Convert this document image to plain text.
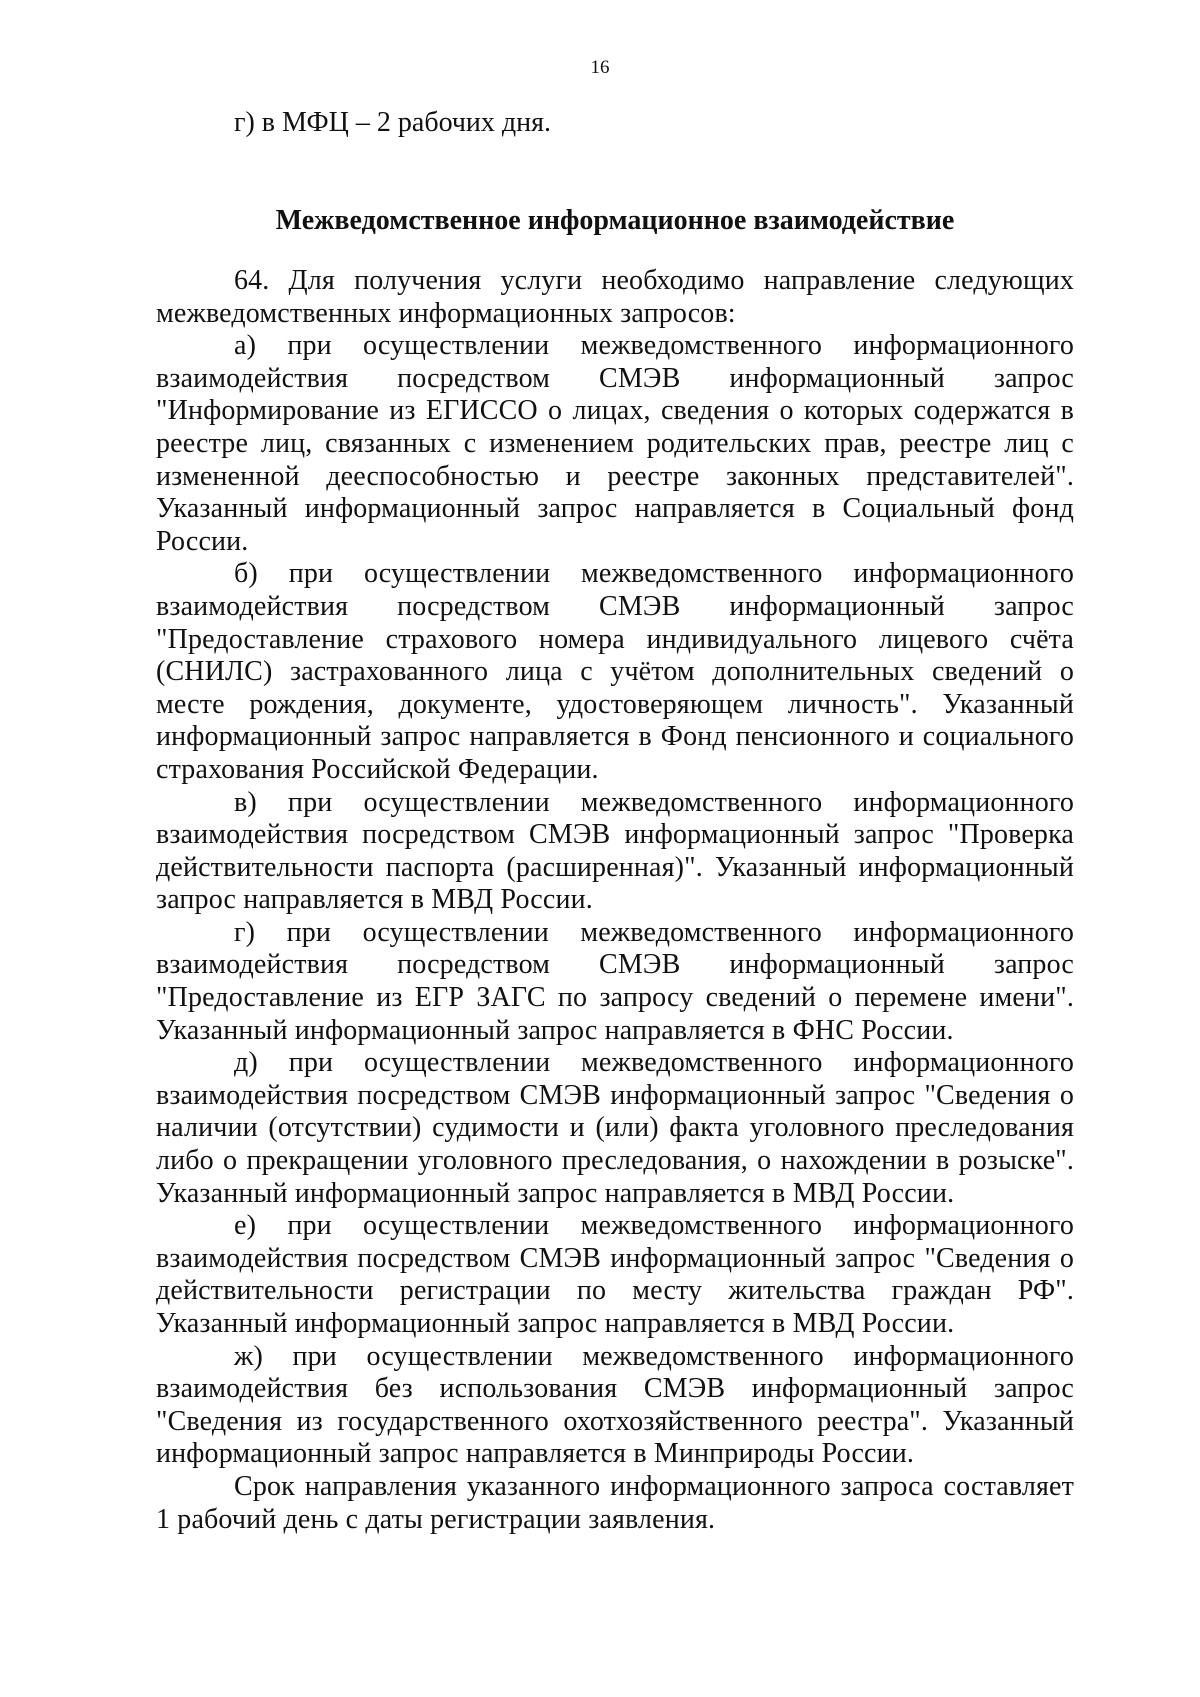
16
г) в МФЦ – 2 рабочих дня.
Межведомственное информационное взаимодействие

64. Для получения услуги необходимо направление следующих межведомственных информационных запросов:

а) при осуществлении межведомственного информационного взаимодействия посредством СМЭВ информационный запрос "Информирование из ЕГИССО о лицах, сведения о которых содержатся в реестре лиц, связанных с изменением родительских прав, реестре лиц с измененной дееспособностью и реестре законных представителей". Указанный информационный запрос направляется в Социальный фонд России.

б) при осуществлении межведомственного информационного взаимодействия посредством СМЭВ информационный запрос "Предоставление страхового номера индивидуального лицевого счёта (СНИЛС) застрахованного лица с учётом дополнительных сведений о месте рождения, документе, удостоверяющем личность". Указанный информационный запрос направляется в Фонд пенсионного и социального страхования Российской Федерации.

в) при осуществлении межведомственного информационного взаимодействия посредством СМЭВ информационный запрос "Проверка действительности паспорта (расширенная)". Указанный информационный запрос направляется в МВД России.

г) при осуществлении межведомственного информационного взаимодействия посредством СМЭВ информационный запрос "Предоставление из ЕГР ЗАГС по запросу сведений о перемене имени". Указанный информационный запрос направляется в ФНС России.

д) при осуществлении межведомственного информационного взаимодействия посредством СМЭВ информационный запрос "Сведения о наличии (отсутствии) судимости и (или) факта уголовного преследования либо о прекращении уголовного преследования, о нахождении в розыске". Указанный информационный запрос направляется в МВД России.

е) при осуществлении межведомственного информационного взаимодействия посредством СМЭВ информационный запрос "Сведения о действительности регистрации по месту жительства граждан РФ". Указанный информационный запрос направляется в МВД России.

ж) при осуществлении межведомственного информационного взаимодействия без использования СМЭВ информационный запрос "Сведения из государственного охотхозяйственного реестра". Указанный информационный запрос направляется в Минприроды России.

Срок направления указанного информационного запроса составляет 1 рабочий день с даты регистрации заявления.
